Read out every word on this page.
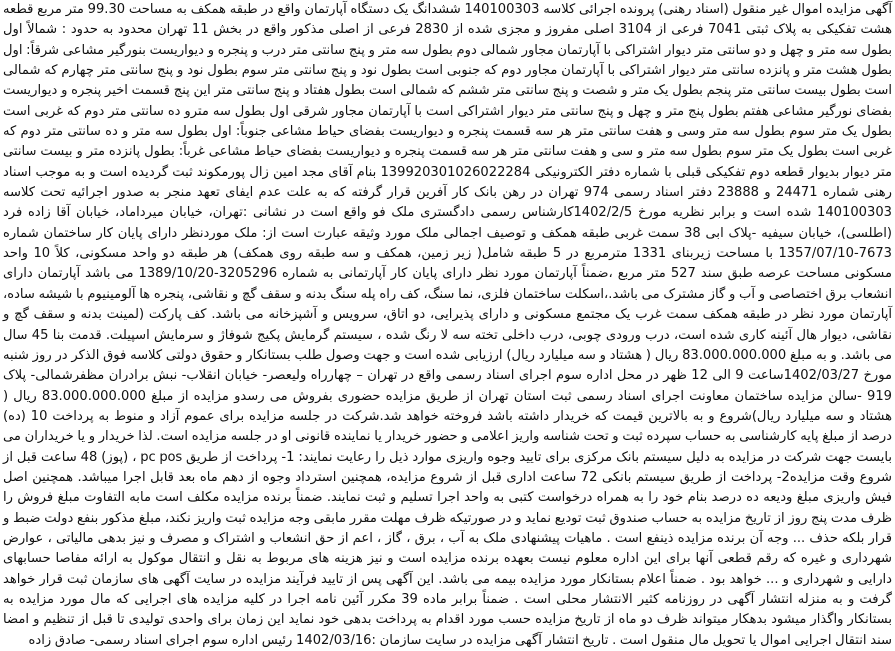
آگهی مزایده اموال غیر منقول (اسناد رهنی) پرونده اجرائی کلاسه 140100303 ششدانگ یک دستگاه آپارتمان واقع در طبقه همکف به مساحت 99.30 متر مربع قطعه هشت تفکیکی به پلاک ثبتی 7041 فرعی از 3104 اصلی مفروز و مجزی شده از 2830 فرعی از اصلی مذکور واقع در بخش 11 تهران محدود به حدود : شمالاً اول بطول سه متر و چهل و دو سانتی متر دیوار اشتراکی با آپارتمان مجاور شمالی دوم بطول سه متر و پنج سانتی متر درب و پنجره و دیواریست بنورگیر مشاعی شرقاً: اول بطول هشت متر و پانزده سانتی متر دیوار اشتراکی با آپارتمان مجاور دوم که جنوبی است بطول نود و پنج سانتی متر سوم بطول نود و پنج سانتی متر چهارم که شمالی است بطول بیست سانتی متر پنجم بطول یک متر و شصت و پنج سانتی متر ششم که شمالی است بطول هفتاد و پنج سانتی متر این پنج قسمت اخیر پنجره و دیواریست بفضای نورگیر مشاعی هفتم بطول پنج متر و چهل و پنج سانتی متر دیوار اشتراکی است با آپارتمان مجاور شرقی اول بطول سه مترو ده سانتی متر دوم که غربی است بطول یک متر سوم بطول سه متر وسی و هفت سانتی متر هر سه قسمت پنجره و دیواریست بفضای حیاط مشاعی جنوباً: اول بطول سه متر و ده سانتی متر دوم که غربی است بطول یک متر سوم بطول سه متر و سی و هفت سانتی متر هر سه قسمت پنجره و دیواریست بفضای حیاط مشاعی غرباً: بطول پانزده متر و بیست سانتی متر دیوار بدیوار قطعه دوم تفکیکی قبلی با شماره دفتر الکترونیکی 139920301026022284 بنام آقای مجد امین زال پورمکوند ثبت گردیده است و به موجب اسناد رهنی شماره 24471 و 23888 دفتر اسناد رسمی 974 تهران در رهن بانک کار آفرین قرار گرفته که به علت عدم ایفای تعهد منجر به صدور اجرائیه تحت کلاسه 140100303 شده است و برابر نظریه مورخ 1402/2/5کارشناس رسمی دادگستری ملک فو واقع است در نشانی :تهران، خیابان میرداماد، خیابان آقا زاده فرد (اطلسی)، خیابان سیفیه -پلاک ابی 38 سمت غربی طبقه همکف و توصیف اجمالی ملک مورد وثیقه عبارت است از: ملک موردنظر دارای پایان کار ساختمان شماره 7673-1357/07/10 با مساحت زیربنای 1331 مترمربع در 5 طبقه شامل( زیر زمین، همکف و سه طبقه روی همکف) هر طبقه دو واحد مسکونی، کلاً 10 واحد مسکونی مساحت عرصه طبق سند 527 متر مربع ،ضمناً آپارتمان مورد نظر دارای پایان کار آپارتمانی به شماره 3205296-1389/10/20 می باشد آپارتمان دارای انشعاب برق اختصاصی و آب و گاز مشترک می باشد.،اسکلت ساختمان فلزی، نما سنگ، کف راه پله سنگ بدنه و سقف گچ و نقاشی، پنجره ها آلومینیوم با شیشه ساده، آپارتمان مورد نظر در طبقه همکف سمت غرب یک مجتمع مسکونی و دارای پذیرایی، دو اتاق، سرویس و آشپزخانه می باشد. کف پارکت (لمینت بدنه و سقف گچ و نقاشی، دیوار هال آئینه کاری شده است، درب ورودی چوبی، درب داخلی تخته سه لا رنگ شده ، سیستم گرمایش پکیج شوفاژ و سرمایش اسپیلت. قدمت بنا 45 سال می باشد. و به مبلغ 83.000.000.000 ریال ( هشتاد و سه میلیارد ریال) ارزیابی شده است و جهت وصول طلب بستانکار و حقوق دولتی کلاسه فوق الذکر در روز شنبه مورخ 1402/03/27ساعت 9 الی 12 ظهر در محل اداره سوم اجرای اسناد رسمی واقع در تهران – چهارراه ولیعصر- خیابان انقلاب- نبش برادران مظفرشمالی- پلاک 919 -سالن مزایده ساختمان معاونت اجرای اسناد رسمی ثبت استان تهران از طریق مزایده حضوری بفروش می رسدو مزایده از مبلغ 83.000.000.000 ریال ( هشتاد و سه میلیارد ریال)شروع و به بالاترین قیمت که خریدار داشته باشد فروخته خواهد شد.شرکت در جلسه مزایده برای عموم آزاد و منوط به پرداخت 10 (ده) درصد از مبلغ پایه کارشناسی به حساب سپرده ثبت و تحت شناسه واریز اعلامی و حضور خریدار یا نماینده قانونی او در جلسه مزایده است. لذا خریدار و یا خریداران می بایست جهت شرکت در مزایده به دلیل سیستم بانک مرکزی برای تایید وجوه واریزی موارد ذیل را رعایت نمایند: 1- پرداخت از طریق pc pos ، (پوز) 48 ساعت قبل از شروع وقت مزایده2- پرداخت از طریق سیستم بانکی 72 ساعت اداری قبل از شروع مزایده، همچنین استرداد وجوه از دهم ماه بعد قابل اجرا میباشد. همچنین اصل فیش واریزی مبلغ ودیعه ده درصد بنام خود را به همراه درخواست کتبی به واحد اجرا تسلیم و ثبت نمایند. ضمناً برنده مزایده مکلف است مابه التفاوت مبلغ فروش را ظرف مدت پنج روز از تاریخ مزایده به حساب صندوق ثبت تودیع نماید و در صورتیکه ظرف مهلت مقرر مابقی وجه مزایده ثبت واریز نکند، مبلغ مذکور بنفع دولت ضبط و قرار بلکه حذف ... وجه آن برنده مزایده ذینفع است . ماهیات پیشنهادی ملک به آب ، برق ، گاز ، اعم از حق انشعاب و اشتراک و مصرف و نیز بدهی مالیاتی ، عوارض شهرداری و غیره که رقم قطعی آنها برای این اداره معلوم نیست بعهده برنده مزایده است و نیز هزینه های مربوط به نقل و انتقال موکول به ارائه مفاصا حسابهای دارایی و شهرداری و ... خواهد بود . ضمناً اعلام بستانکار مورد مزایده بیمه می باشد. این آگهی پس از تایید فرآیند مزایده در سایت آگهی های سازمان ثبت قرار خواهد گرفت و به منزله انتشار آگهی در روزنامه کثیر الانتشار محلی است . ضمناً برابر ماده 39 مکرر آئین نامه اجرا در کلیه مزایده های اجرایی که مال مورد مزایده به بستانکار واگذار میشود بدهکار میتواند ظرف دو ماه از تاریخ مزایده حسب مورد اقدام به پرداخت بدهی خود نماید این زمان برای واحدی تولیدی تا قبل از تنظیم و امضا سند انتقال اجرایی اموال یا تحویل مال منقول است . تاریخ انتشار آگهی مزایده در سایت سازمان :1402/03/16 رئیس اداره سوم اجرای اسناد رسمی- صادق زاده
